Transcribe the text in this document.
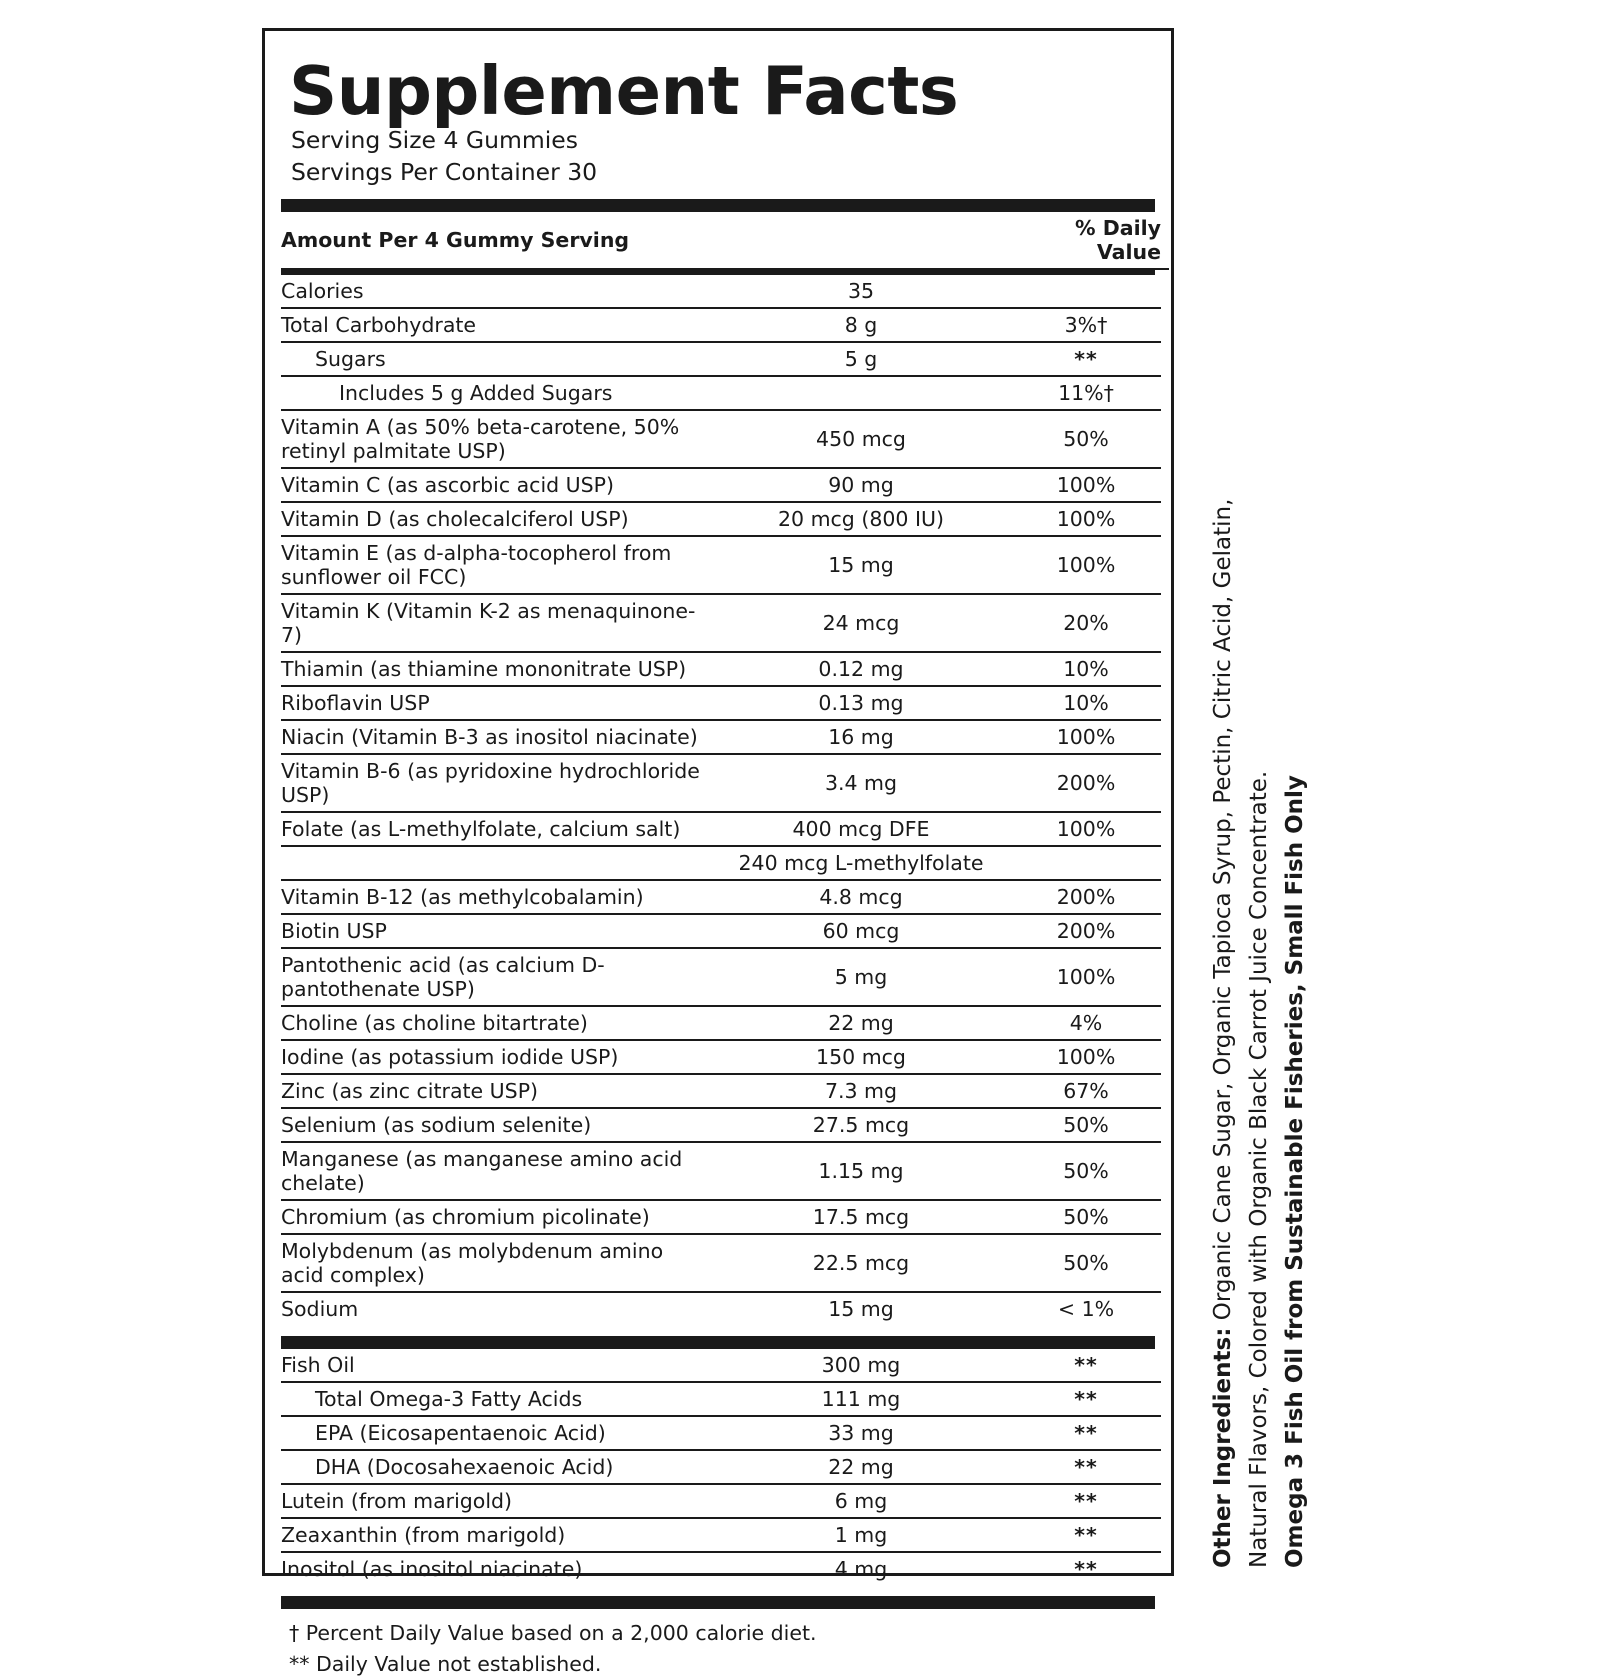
Supplement Facts
Serving Size 4 Gummies
Servings Per Container 30
Amount Per 4 Gummy Serving		% Daily Value
Calories	35	
Total Carbohydrate	8 g	3%†
Sugars	5 g	**
Includes 5 g Added Sugars		11%†
Vitamin A (as 50% beta-carotene, 50% retinyl palmitate USP)	450 mcg	50%
Vitamin C (as ascorbic acid USP)	90 mg	100%
Vitamin D (as cholecalciferol USP)	20 mcg (800 IU)	100%
Vitamin E (as d-alpha-tocopherol from sunflower oil FCC)	15 mg	100%
Vitamin K (Vitamin K-2 as menaquinone-7)	24 mcg	20%
Thiamin (as thiamine mononitrate USP)	0.12 mg	10%
Riboflavin USP	0.13 mg	10%
Niacin (Vitamin B-3 as inositol niacinate)	16 mg	100%
Vitamin B-6 (as pyridoxine hydrochloride USP)	3.4 mg	200%
Folate (as L-methylfolate, calcium salt)	400 mcg DFE	100%
	240 mcg L-methylfolate	
Vitamin B-12 (as methylcobalamin)	4.8 mcg	200%
Biotin USP	60 mcg	200%
Pantothenic acid (as calcium D-pantothenate USP)	5 mg	100%
Choline (as choline bitartrate)	22 mg	4%
Iodine (as potassium iodide USP)	150 mcg	100%
Zinc (as zinc citrate USP)	7.3 mg	67%
Selenium (as sodium selenite)	27.5 mcg	50%
Manganese (as manganese amino acid chelate)	1.15 mg	50%
Chromium (as chromium picolinate)	17.5 mcg	50%
Molybdenum (as molybdenum amino acid complex)	22.5 mcg	50%
Sodium	15 mg	< 1%
Fish Oil	300 mg	**
Total Omega-3 Fatty Acids	111 mg	**
EPA (Eicosapentaenoic Acid)	33 mg	**
DHA (Docosahexaenoic Acid)	22 mg	**
Lutein (from marigold)	6 mg	**
Zeaxanthin (from marigold)	1 mg	**
Inositol (as inositol niacinate)	4 mg	**
† Percent Daily Value based on a 2,000 calorie diet.
** Daily Value not established.
Other Ingredients: Organic Cane Sugar, Organic Tapioca Syrup, Pectin, Citric Acid, Gelatin, Natural Flavors, Colored with Organic Black Carrot Juice Concentrate. Omega 3 Fish Oil from Sustainable Fisheries, Small Fish Only
